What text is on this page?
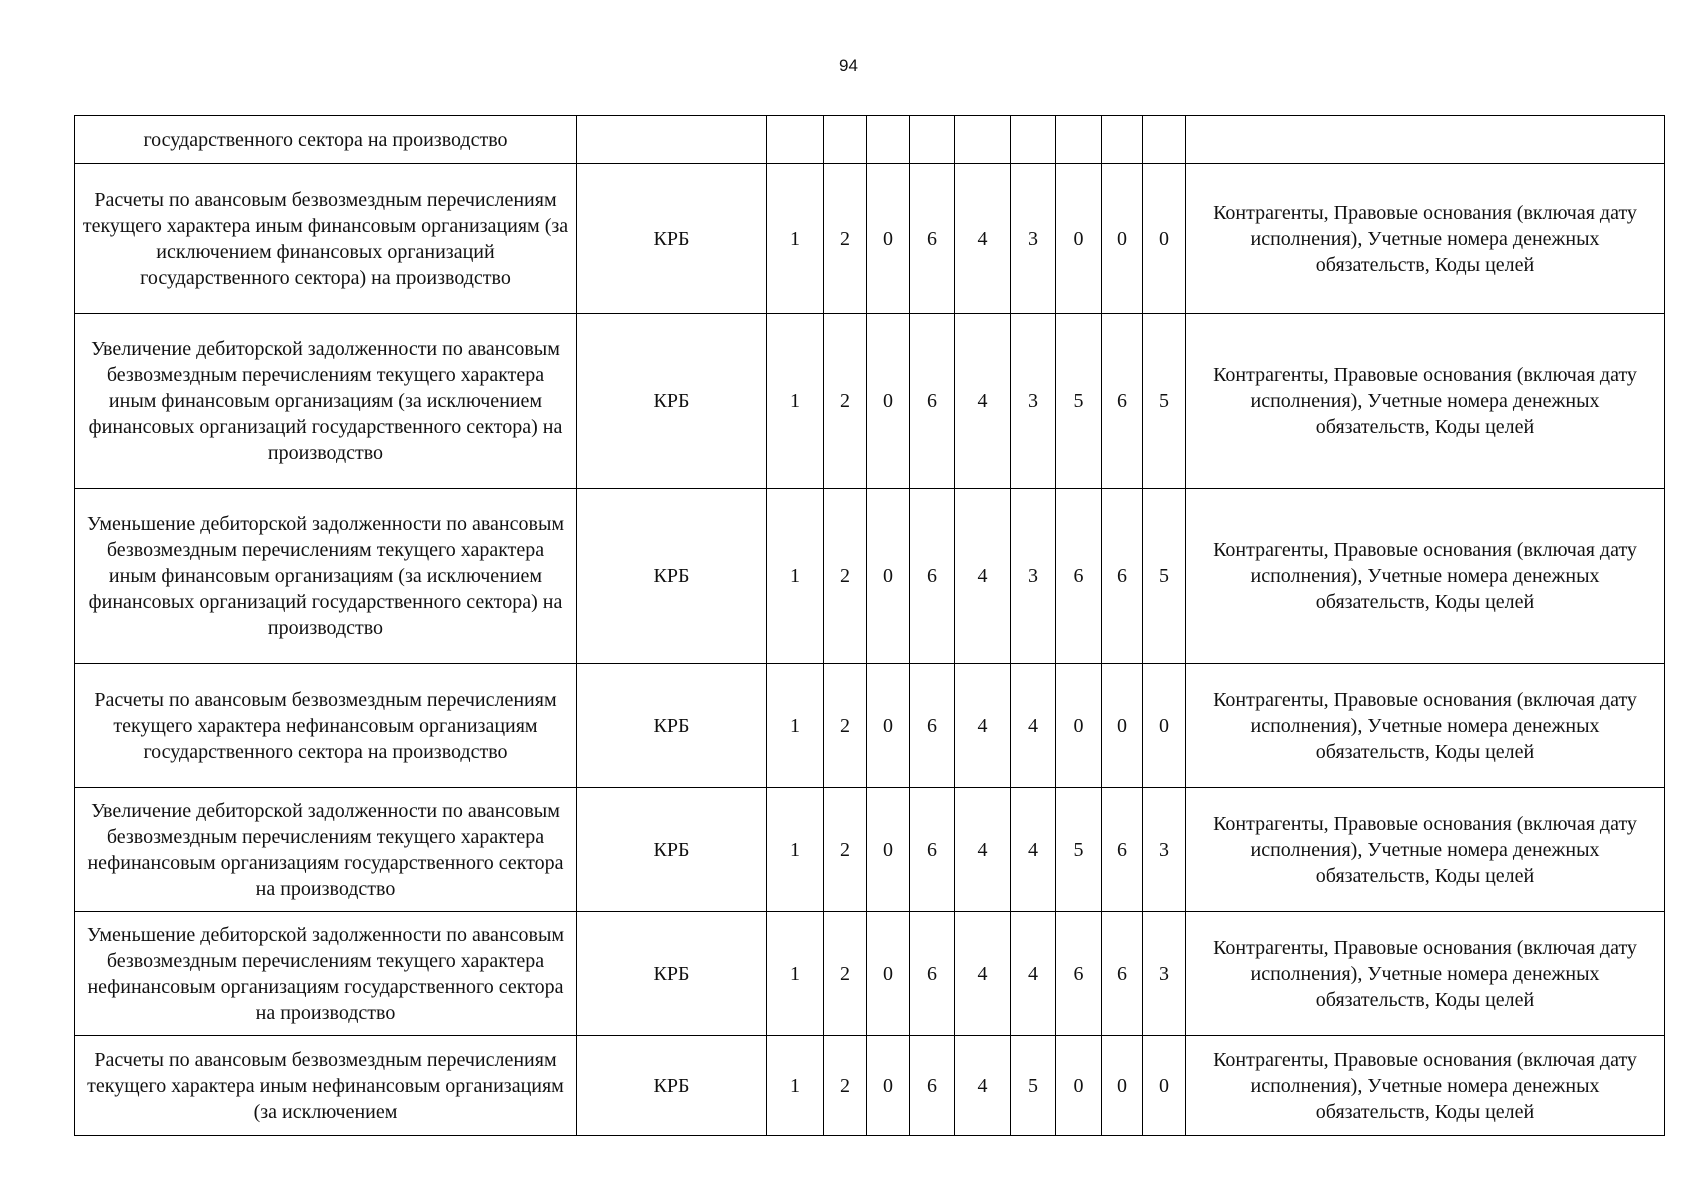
94
государственного сектора на производство											
Расчеты по авансовым безвозмездным перечислениям текущего характера иным финансовым организациям (за исключением финансовых организаций государственного сектора) на производство	КРБ	1	2	0	6	4	3	0	0	0	Контрагенты, Правовые основания (включая дату исполнения), Учетные номера денежных обязательств, Коды целей
Увеличение дебиторской задолженности по авансовым безвозмездным перечислениям текущего характера иным финансовым организациям (за исключением финансовых организаций государственного сектора) на производство	КРБ	1	2	0	6	4	3	5	6	5	Контрагенты, Правовые основания (включая дату исполнения), Учетные номера денежных обязательств, Коды целей
Уменьшение дебиторской задолженности по авансовым безвозмездным перечислениям текущего характера иным финансовым организациям (за исключением финансовых организаций государственного сектора) на производство	КРБ	1	2	0	6	4	3	6	6	5	Контрагенты, Правовые основания (включая дату исполнения), Учетные номера денежных обязательств, Коды целей
Расчеты по авансовым безвозмездным перечислениям текущего характера нефинансовым организациям государственного сектора на производство	КРБ	1	2	0	6	4	4	0	0	0	Контрагенты, Правовые основания (включая дату исполнения), Учетные номера денежных обязательств, Коды целей
Увеличение дебиторской задолженности по авансовым безвозмездным перечислениям текущего характера нефинансовым организациям государственного сектора на производство	КРБ	1	2	0	6	4	4	5	6	3	Контрагенты, Правовые основания (включая дату исполнения), Учетные номера денежных обязательств, Коды целей
Уменьшение дебиторской задолженности по авансовым безвозмездным перечислениям текущего характера нефинансовым организациям государственного сектора на производство	КРБ	1	2	0	6	4	4	6	6	3	Контрагенты, Правовые основания (включая дату исполнения), Учетные номера денежных обязательств, Коды целей
Расчеты по авансовым безвозмездным перечислениям текущего характера иным нефинансовым организациям (за исключением	КРБ	1	2	0	6	4	5	0	0	0	Контрагенты, Правовые основания (включая дату исполнения), Учетные номера денежных обязательств, Коды целей
